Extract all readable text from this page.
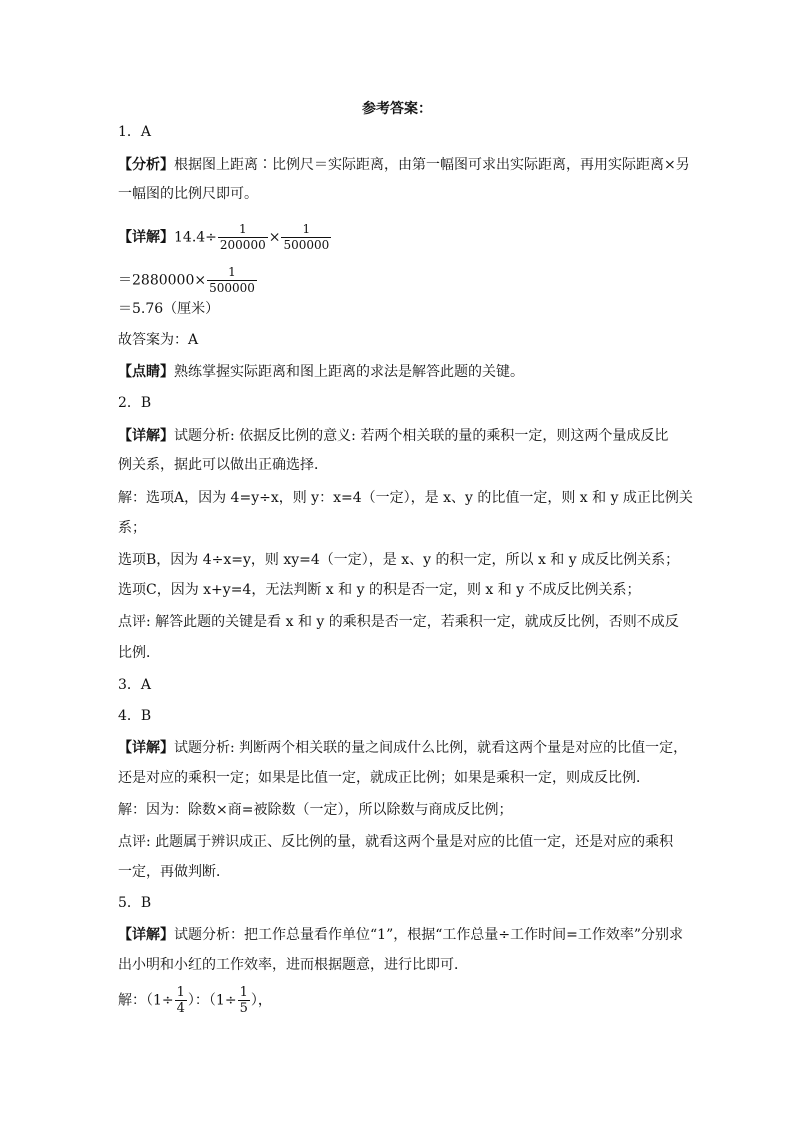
参考答案：
1．A
【分析】根据图上距离∶比例尺＝实际距离，由第一幅图可求出实际距离，再用实际距离×另
一幅图的比例尺即可。
【详解】$14.4\div \frac{1}{200000} \times \frac{1}{500000}$
$=2880000\times \frac{1}{500000}$
＝5.76（厘米）
故答案为：A
【点睛】熟练掌握实际距离和图上距离的求法是解答此题的关键。
2．B
【详解】试题分析: 依据反比例的意义: 若两个相关联的量的乘积一定，则这两个量成反比
例关系，据此可以做出正确选择．
解：选项A，因为 4=y÷x，则 y：x=4（一定），是 x、y 的比值一定，则 x 和 y 成正比例关
系；
选项B，因为 4÷x=y，则 xy=4（一定），是 x、y 的积一定，所以 x 和 y 成反比例关系；
选项C，因为 x+y=4，无法判断 x 和 y 的积是否一定，则 x 和 y 不成反比例关系；
点评: 解答此题的关键是看 x 和 y 的乘积是否一定，若乘积一定，就成反比例，否则不成反
比例．
3．A
4．B
【详解】试题分析: 判断两个相关联的量之间成什么比例，就看这两个量是对应的比值一定，
还是对应的乘积一定；如果是比值一定，就成正比例；如果是乘积一定，则成反比例．
解：因为：除数×商=被除数（一定），所以除数与商成反比例；
点评: 此题属于辨识成正、反比例的量，就看这两个量是对应的比值一定，还是对应的乘积
一定，再做判断．
5．B
【详解】试题分析：把工作总量看作单位“1”，根据“工作总量÷工作时间=工作效率”分别求
出小明和小红的工作效率，进而根据题意，进行比即可．
解：（$1\div \frac{1}{4}$ ）：（$1\div \frac{1}{5}$ ），
